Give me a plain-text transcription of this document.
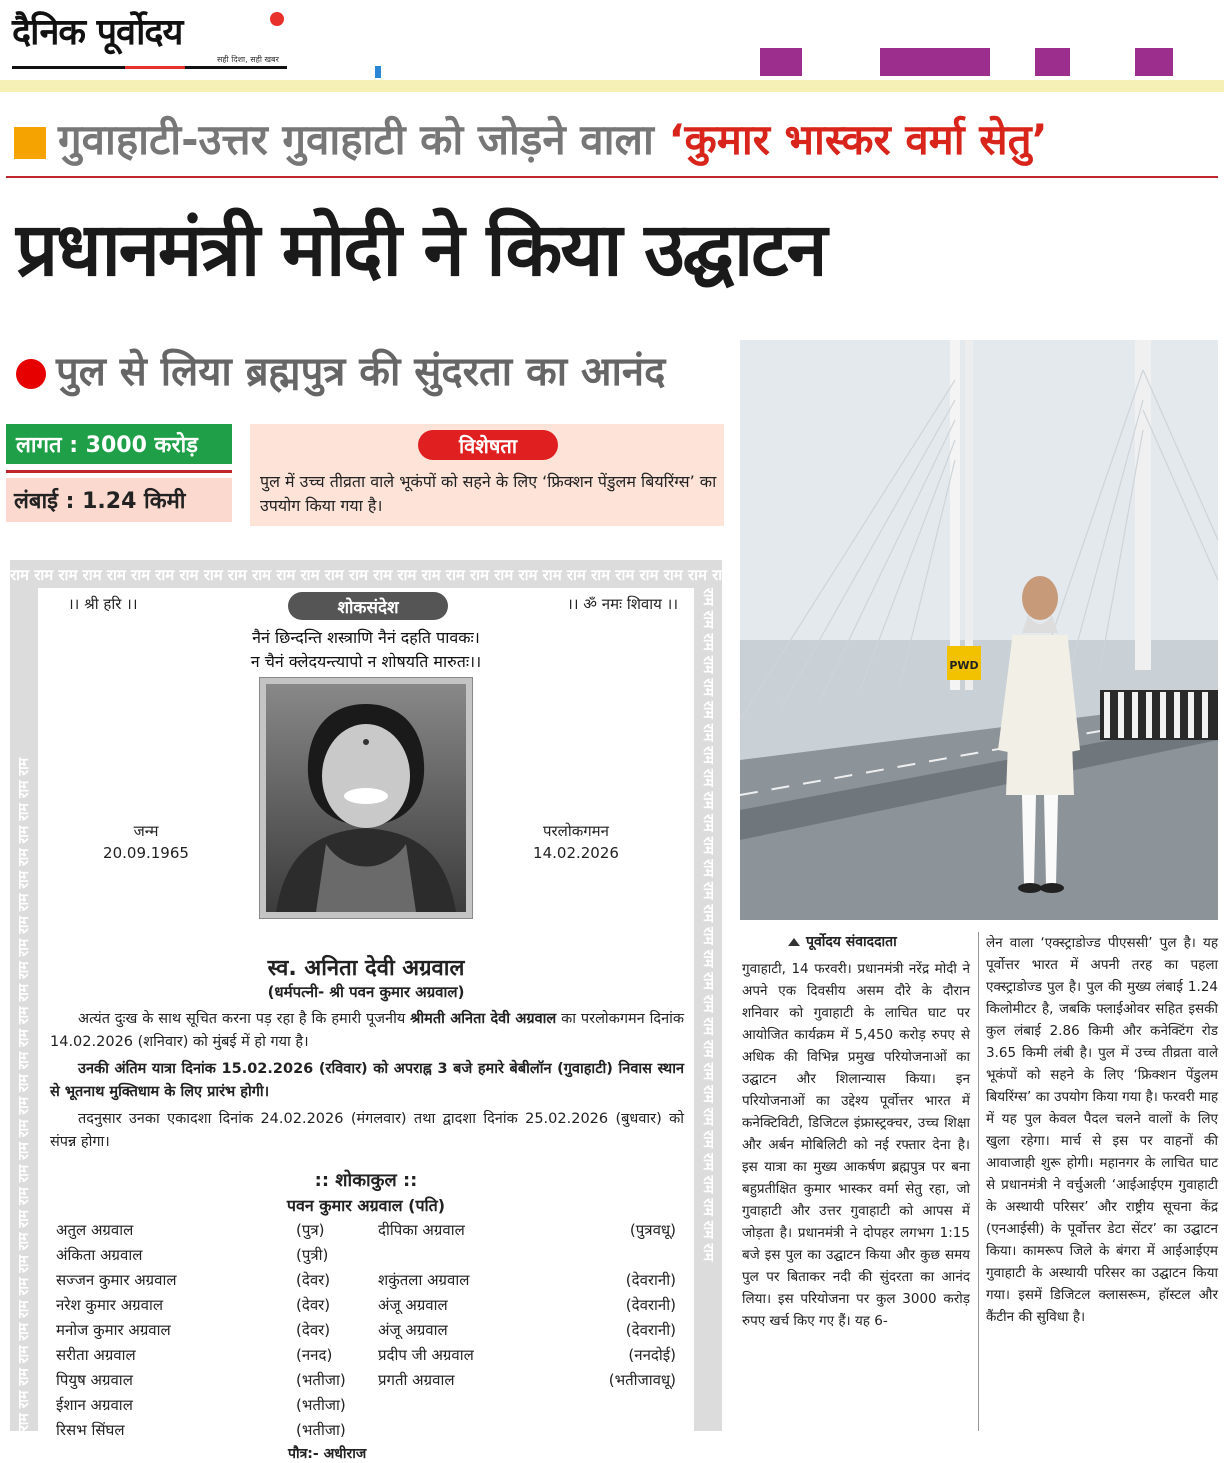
दैनिक पूर्वोदय
सही दिशा, सही खबर
गुवाहाटी-उत्तर गुवाहाटी को जोड़ने वाला ‘कुमार भास्कर वर्मा सेतु’
प्रधानमंत्री मोदी ने किया उद्घाटन
पुल से लिया ब्रह्मपुत्र की सुंदरता का आनंद
लागत : 3000 करोड़
लंबाई : 1.24 किमी
विशेषता
पुल में उच्च तीव्रता वाले भूकंपों को सहने के लिए ‘फ्रिक्शन पेंडुलम बियरिंग्स’ का उपयोग किया गया है।
PWD
राम राम राम राम राम राम राम राम राम राम राम राम राम राम राम राम राम राम राम राम राम राम राम राम राम राम राम राम राम राम
राम राम राम राम राम राम राम राम राम राम राम राम राम राम राम राम राम राम राम राम राम राम राम राम राम राम राम राम राम राम	राम राम राम राम राम राम राम राम राम राम राम राम राम राम राम राम राम राम राम राम राम राम राम राम राम राम राम राम राम राम
।। श्री हरि ।।	शोकसंदेश	।। ॐ नमः शिवाय ।।
नैनं छिन्दन्ति शस्त्राणि नैनं दहति पावकः।
न चैनं क्लेदयन्त्यापो न शोषयति मारुतः।।
जन्म
20.09.1965
परलोकगमन
14.02.2026
स्व. अनिता देवी अग्रवाल
(धर्मपत्नी- श्री पवन कुमार अग्रवाल)
अत्यंत दुःख के साथ सूचित करना पड़ रहा है कि हमारी पूजनीय श्रीमती अनिता देवी अग्रवाल का परलोकगमन दिनांक 14.02.2026 (शनिवार) को मुंबई में हो गया है।
उनकी अंतिम यात्रा दिनांक 15.02.2026 (रविवार) को अपराह्न 3 बजे हमारे बेबीलॉन (गुवाहाटी) निवास स्थान से भूतनाथ मुक्तिधाम के लिए प्रारंभ होगी।
तदनुसार उनका एकादशा दिनांक 24.02.2026 (मंगलवार) तथा द्वादशा दिनांक 25.02.2026 (बुधवार) को संपन्न होगा।
:: शोकाकुल ::
पवन कुमार अग्रवाल (पति)
अतुल अग्रवाल	(पुत्र)	दीपिका अग्रवाल	(पुत्रवधू)
अंकिता अग्रवाल	(पुत्री)
सज्जन कुमार अग्रवाल	(देवर)	शकुंतला अग्रवाल	(देवरानी)
नरेश कुमार अग्रवाल	(देवर)	अंजू अग्रवाल	(देवरानी)
मनोज कुमार अग्रवाल	(देवर)	अंजू अग्रवाल	(देवरानी)
सरीता अग्रवाल	(ननद)	प्रदीप जी अग्रवाल	(ननदोई)
पियुष अग्रवाल	(भतीजा) प्रगती अग्रवाल	(भतीजावधू)
ईशान अग्रवाल	(भतीजा)
रिसभ सिंघल	(भतीजा)
पौत्र:- अधीराज
पूर्वोदय संवाददाता
गुवाहाटी, 14 फरवरी। प्रधानमंत्री नरेंद्र मोदी ने अपने एक दिवसीय असम दौरे के दौरान शनिवार को गुवाहाटी के लाचित घाट पर आयोजित कार्यक्रम में 5,450 करोड़ रुपए से अधिक की विभिन्न प्रमुख परियोजनाओं का उद्घाटन और शिलान्यास किया। इन परियोजनाओं का उद्देश्य पूर्वोत्तर भारत में कनेक्टिविटी, डिजिटल इंफ्रास्ट्रक्चर, उच्च शिक्षा और अर्बन मोबिलिटी को नई रफ्तार देना है। इस यात्रा का मुख्य आकर्षण ब्रह्मपुत्र पर बना बहुप्रतीक्षित कुमार भास्कर वर्मा सेतु रहा, जो गुवाहाटी और उत्तर गुवाहाटी को आपस में जोड़ता है। प्रधानमंत्री ने दोपहर लगभग 1:15 बजे इस पुल का उद्घाटन किया और कुछ समय पुल पर बिताकर नदी की सुंदरता का आनंद लिया। इस परियोजना पर कुल 3000 करोड़ रुपए खर्च किए गए हैं। यह 6-
लेन वाला ‘एक्स्ट्राडोज्ड पीएससी’ पुल है। यह पूर्वोत्तर भारत में अपनी तरह का पहला एक्स्ट्राडोज्ड पुल है। पुल की मुख्य लंबाई 1.24 किलोमीटर है, जबकि फ्लाईओवर सहित इसकी कुल लंबाई 2.86 किमी और कनेक्टिंग रोड 3.65 किमी लंबी है। पुल में उच्च तीव्रता वाले भूकंपों को सहने के लिए ‘फ्रिक्शन पेंडुलम बियरिंग्स’ का उपयोग किया गया है। फरवरी माह में यह पुल केवल पैदल चलने वालों के लिए खुला रहेगा। मार्च से इस पर वाहनों की आवाजाही शुरू होगी। महानगर के लाचित घाट से प्रधानमंत्री ने वर्चुअली ‘आईआईएम गुवाहाटी के अस्थायी परिसर’ और राष्ट्रीय सूचना केंद्र (एनआईसी) के पूर्वोत्तर डेटा सेंटर’ का उद्घाटन किया। कामरूप जिले के बंगरा में आईआईएम गुवाहाटी के अस्थायी परिसर का उद्घाटन किया गया। इसमें डिजिटल क्लासरूम, हॉस्टल और कैंटीन की सुविधा है।
